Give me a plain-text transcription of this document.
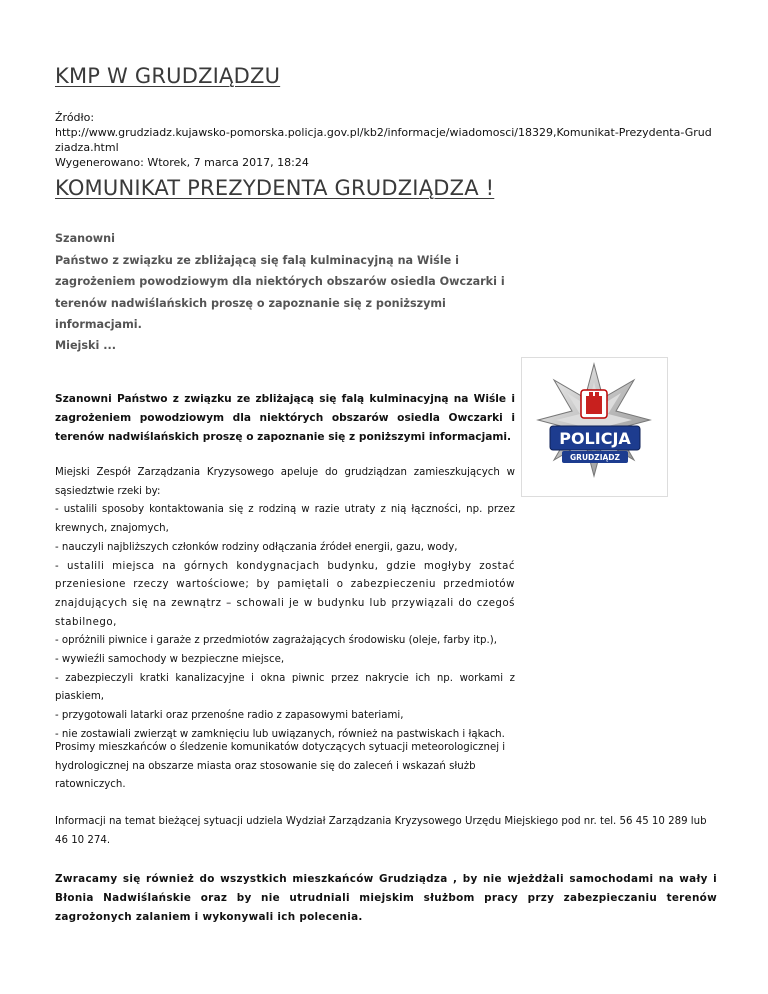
KMP W GRUDZIĄDZU
Źródło:
http://www.grudziadz.kujawsko-pomorska.policja.gov.pl/kb2/informacje/wiadomosci/18329,Komunikat-Prezydenta-Grudziadza.html
Wygenerowano: Wtorek, 7 marca 2017, 18:24
KOMUNIKAT PREZYDENTA GRUDZIĄDZA !
Szanowni
Państwo z związku ze zbliżającą się falą kulminacyjną na Wiśle i zagrożeniem powodziowym dla niektórych obszarów osiedla Owczarki i terenów nadwiślańskich proszę o zapoznanie się z poniższymi informacjami.
Miejski ...
Szanowni Państwo z związku ze zbliżającą się falą kulminacyjną na Wiśle i zagrożeniem powodziowym dla niektórych obszarów osiedla Owczarki i terenów nadwiślańskich proszę o zapoznanie się z poniższymi informacjami.
Miejski Zespół Zarządzania Kryzysowego apeluje do grudziądzan zamieszkujących w sąsiedztwie rzeki by:
- ustalili sposoby kontaktowania się z rodziną w razie utraty z nią łączności, np. przez krewnych, znajomych,
- nauczyli najbliższych członków rodziny odłączania źródeł energii, gazu, wody,
- ustalili miejsca na górnych kondygnacjach budynku, gdzie mogłyby zostać przeniesione rzeczy wartościowe; by pamiętali o zabezpieczeniu przedmiotów znajdujących się na zewnątrz – schowali je w budynku lub przywiązali do czegoś stabilnego,
- opróżnili piwnice i garaże z przedmiotów zagrażających środowisku (oleje, farby itp.),
- wywieźli samochody w bezpieczne miejsce,
- zabezpieczyli kratki kanalizacyjne i okna piwnic przez nakrycie ich np. workami z piaskiem,
- przygotowali latarki oraz przenośne radio z zapasowymi bateriami,
- nie zostawiali zwierząt w zamknięciu lub uwiązanych, również na pastwiskach i łąkach.
Prosimy mieszkańców o śledzenie komunikatów dotyczących sytuacji meteorologicznej i hydrologicznej na obszarze miasta oraz stosowanie się do zaleceń i wskazań służb ratowniczych.
Informacji na temat bieżącej sytuacji udziela Wydział Zarządzania Kryzysowego Urzędu Miejskiego pod nr. tel. 56 45 10 289 lub 46 10 274.
Zwracamy się również do wszystkich mieszkańców Grudziądza , by nie wjeżdżali samochodami na wały i Błonia Nadwiślańskie oraz by nie utrudniali miejskim służbom pracy przy zabezpieczaniu terenów zagrożonych zalaniem i wykonywali ich polecenia.
POLICJA
GRUDZIĄDZ
